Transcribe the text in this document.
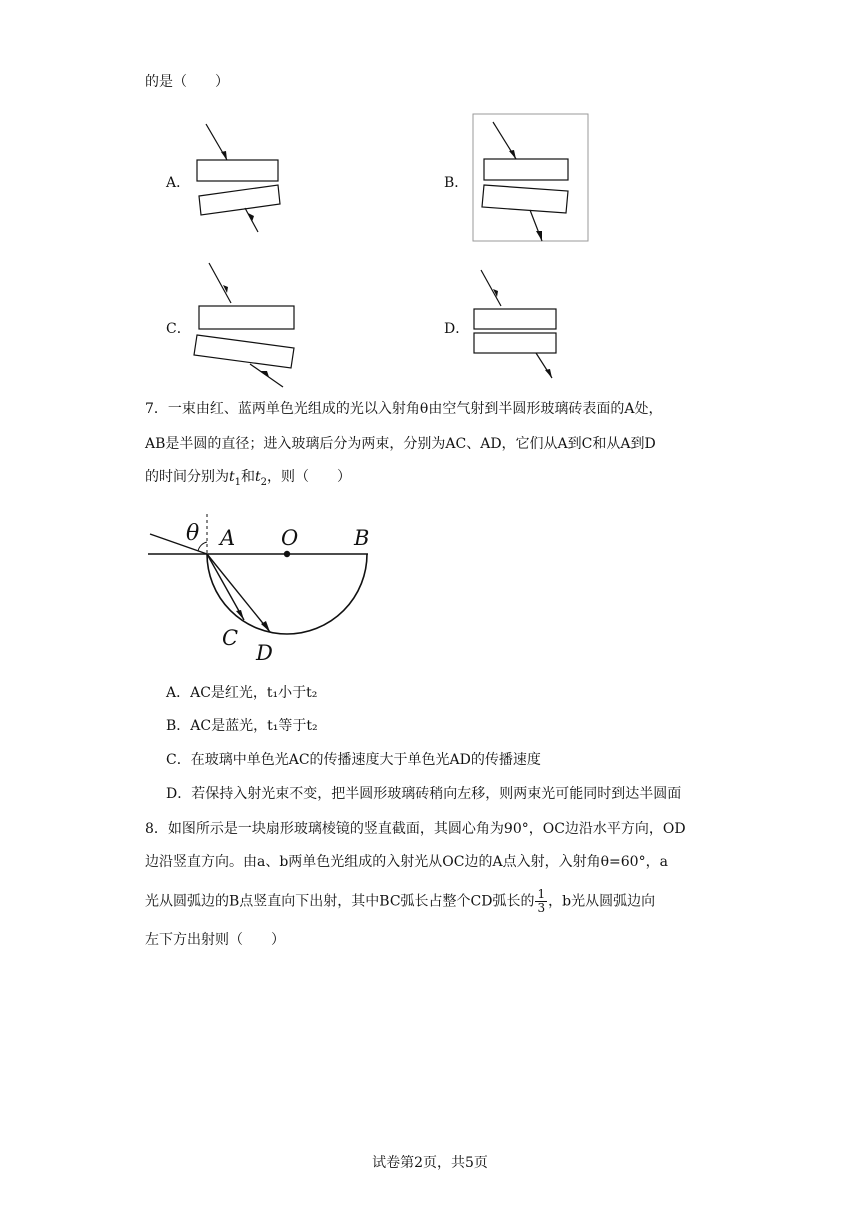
的是（　　）
A．	B．
C．	D．
7．一束由红、蓝两单色光组成的光以入射角θ由空气射到半圆形玻璃砖表面的A处，
AB是半圆的直径；进入玻璃后分为两束，分别为AC、AD，它们从A到C和从A到D
的时间分别为$t_1$和$t_2$，则（　　）
θ A O	B
C
D
A．AC是红光，t₁小于t₂
B．AC是蓝光，t₁等于t₂
C．在玻璃中单色光AC的传播速度大于单色光AD的传播速度
D．若保持入射光束不变，把半圆形玻璃砖稍向左移，则两束光可能同时到达半圆面
8．如图所示是一块扇形玻璃棱镜的竖直截面，其圆心角为90°，OC边沿水平方向，OD
边沿竖直方向。由a、b两单色光组成的入射光从OC边的A点入射，入射角θ=60°，a
光从圆弧边的B点竖直向下出射，其中BC弧长占整个CD弧长的 $\frac{1}{3}$ ，b光从圆弧边向
左下方出射则（　　）
试卷第2页，共5页
